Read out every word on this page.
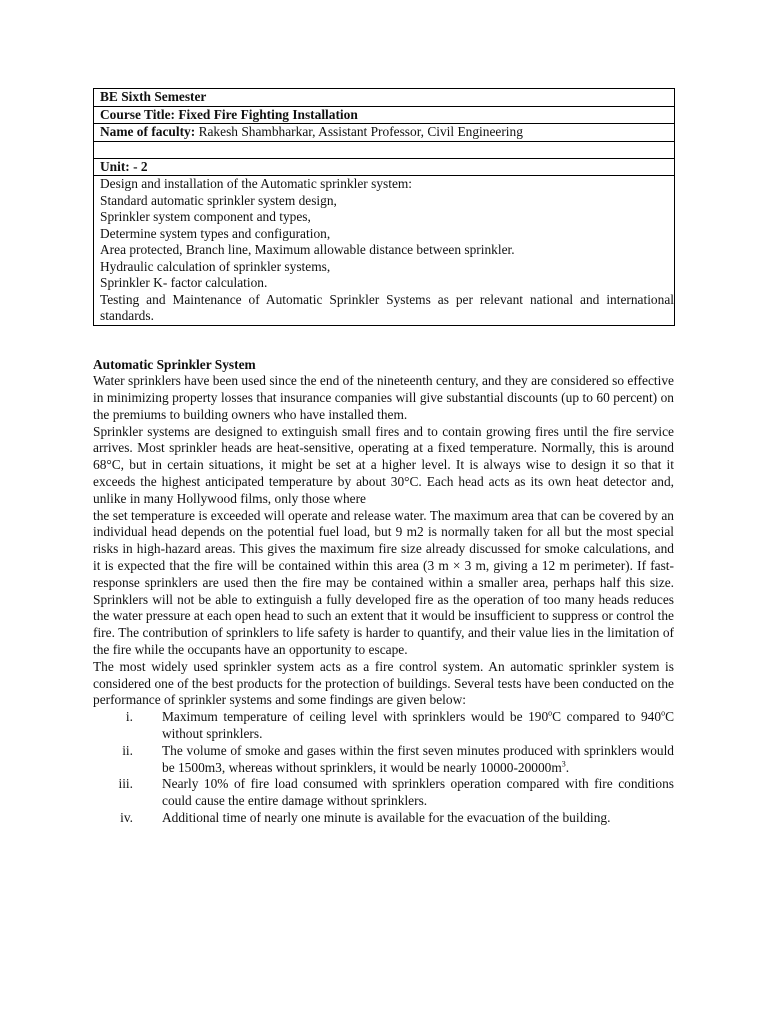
BE Sixth Semester
Course Title: Fixed Fire Fighting Installation
Name of faculty: Rakesh Shambharkar, Assistant Professor, Civil Engineering

Unit: - 2

Design and installation of the Automatic sprinkler system:
Standard automatic sprinkler system design,
Sprinkler system component and types,
Determine system types and configuration,
Area protected, Branch line, Maximum allowable distance between sprinkler.
Hydraulic calculation of sprinkler systems,
Sprinkler K- factor calculation.
Testing and Maintenance of Automatic Sprinkler Systems as per relevant national and international standards.
Automatic Sprinkler System

Water sprinklers have been used since the end of the nineteenth century, and they are considered so effective in minimizing property losses that insurance companies will give substantial discounts (up to 60 percent) on the premiums to building owners who have installed them.

Sprinkler systems are designed to extinguish small fires and to contain growing fires until the fire service arrives. Most sprinkler heads are heat-sensitive, operating at a fixed temperature. Normally, this is around 68°C, but in certain situations, it might be set at a higher level. It is always wise to design it so that it exceeds the highest anticipated temperature by about 30°C. Each head acts as its own heat detector and, unlike in many Hollywood films, only those where

the set temperature is exceeded will operate and release water. The maximum area that can be covered by an individual head depends on the potential fuel load, but 9 m2 is normally taken for all but the most special risks in high-hazard areas. This gives the maximum fire size already discussed for smoke calculations, and it is expected that the fire will be contained within this area (3 m × 3 m, giving a 12 m perimeter). If fast-response sprinklers are used then the fire may be contained within a smaller area, perhaps half this size. Sprinklers will not be able to extinguish a fully developed fire as the operation of too many heads reduces the water pressure at each open head to such an extent that it would be insufficient to suppress or control the fire. The contribution of sprinklers to life safety is harder to quantify, and their value lies in the limitation of the fire while the occupants have an opportunity to escape.

The most widely used sprinkler system acts as a fire control system. An automatic sprinkler system is considered one of the best products for the protection of buildings. Several tests have been conducted on the performance of sprinkler systems and some findings are given below:

i. Maximum temperature of ceiling level with sprinklers would be 190$^o$C compared to 940$^o$C without sprinklers.
ii. The volume of smoke and gases within the first seven minutes produced with sprinklers would be 1500m3, whereas without sprinklers, it would be nearly $10000-20000m^3$.
iii. Nearly 10% of fire load consumed with sprinklers operation compared with fire conditions could cause the entire damage without sprinklers.
iv. Additional time of nearly one minute is available for the evacuation of the building.
